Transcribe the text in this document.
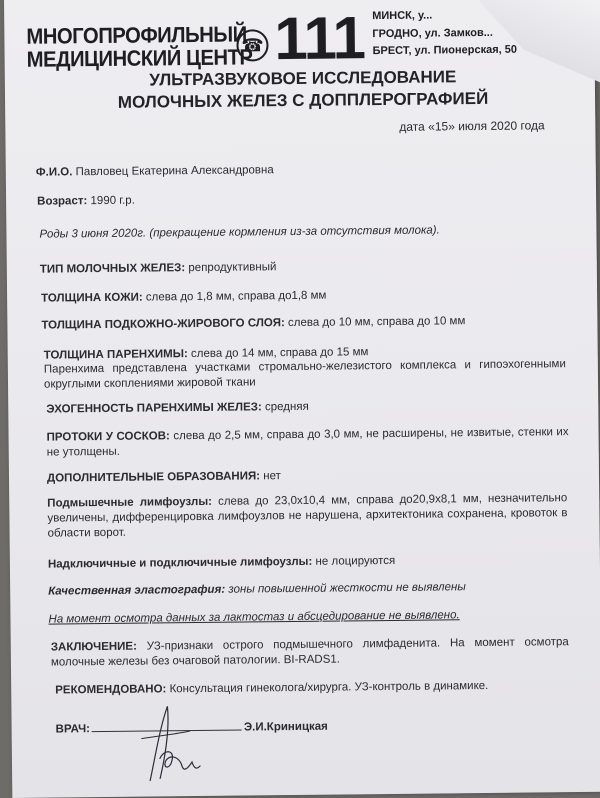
МНОГОПРОФИЛЬНЫЙ
МЕДИЦИНСКИЙ ЦЕНТР
☎ 111 МИНСК, у...
ГРОДНО, ул. Замков...
БРЕСТ, ул. Пионерская, 50
УЛЬТРАЗВУКОВОЕ ИССЛЕДОВАНИЕ
МОЛОЧНЫХ ЖЕЛЕЗ С ДОППЛЕРОГРАФИЕЙ
дата «15» июля 2020 года
Ф.И.О. Павловец Екатерина Александровна
Возраст: 1990 г.р.
Роды 3 июня 2020г. (прекращение кормления из-за отсутствия молока).
ТИП МОЛОЧНЫХ ЖЕЛЕЗ: репродуктивный
ТОЛЩИНА КОЖИ: слева до 1,8 мм, справа до1,8 мм
ТОЛЩИНА ПОДКОЖНО-ЖИРОВОГО СЛОЯ: слева до 10 мм, справа до 10 мм
ТОЛЩИНА ПАРЕНХИМЫ: слева до 14 мм, справа до 15 мм
Паренхима представлена участками стромально-железистого комплекса и гипоэхогенными округлыми скоплениями жировой ткани
ЭХОГЕННОСТЬ ПАРЕНХИМЫ ЖЕЛЕЗ: средняя
ПРОТОКИ У СОСКОВ: слева до 2,5 мм, справа до 3,0 мм, не расширены, не извитые, стенки их не утолщены.
ДОПОЛНИТЕЛЬНЫЕ ОБРАЗОВАНИЯ: нет
Подмышечные лимфоузлы: слева до 23,0x10,4 мм, справа до20,9x8,1 мм, незначительно увеличены, дифференцировка лимфоузлов не нарушена, архитектоника сохранена, кровоток в области ворот.
Надключичные и подключичные лимфоузлы: не лоцируются
Качественная эластография: зоны повышенной жесткости не выявлены
На момент осмотра данных за лактостаз и абсцедирование не выявлено.
ЗАКЛЮЧЕНИЕ: УЗ-признаки острого подмышечного лимфаденита. На момент осмотра молочные железы без очаговой патологии. BI-RADS1.
РЕКОМЕНДОВАНО: Консультация гинеколога/хирурга. УЗ-контроль в динамике.
ВРАЧ:	Э.И.Криницкая
